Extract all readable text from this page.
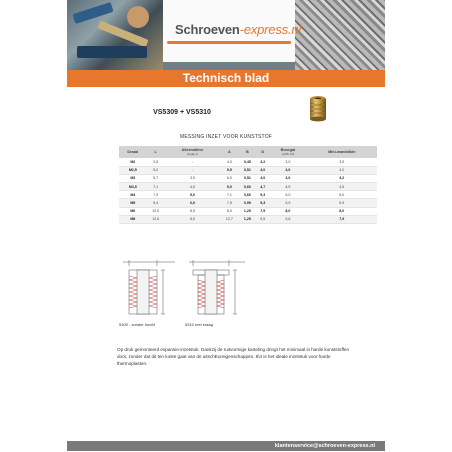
Schroeven-express.nl
Technisch blad
VS5309 + VS5310
MESSING INZET VOOR KUNSTSTOF
Draad	L	Alternatieve
lengte H	A	B	D	Boorgat
+0,05 -0,0	Mini-wanddikte
M2	3,5	-	4,0	0,45	3,2	3,0	3,5
M2,5	5,0	-	5,5	0,51	4,0	4,0	4,0
M3	5,7	3,5	6,5	0,51	4,0	4,0	3,2
M3,5	7,1	4,5	5,0	0,66	4,7	4,5	4,5
M4	7,9	5,0	7,1	0,66	5,3	5,0	5,0
M5	9,4	6,0	7,9	0,99	5,3	5,9	5,9
M6	12,0	8,5	8,0	1,25	7,9	8,0	8,0
M8	12,6	8,5	12,7	1,25	9,5	9,6	7,9
5309 - zonder hoofd	5310 met kraag
Op druk gemonteerd expansie-inzetstuk. Dankzij de ruitvormige karteling dringt het minimaal in harde kunststoffen door, zonder dat dit ten koste gaat van de uitschEureigenschappen. 8\4 is het ideale inzetstuk voor harde thermoplasten.
klantenservice@schroeven-express.nl
